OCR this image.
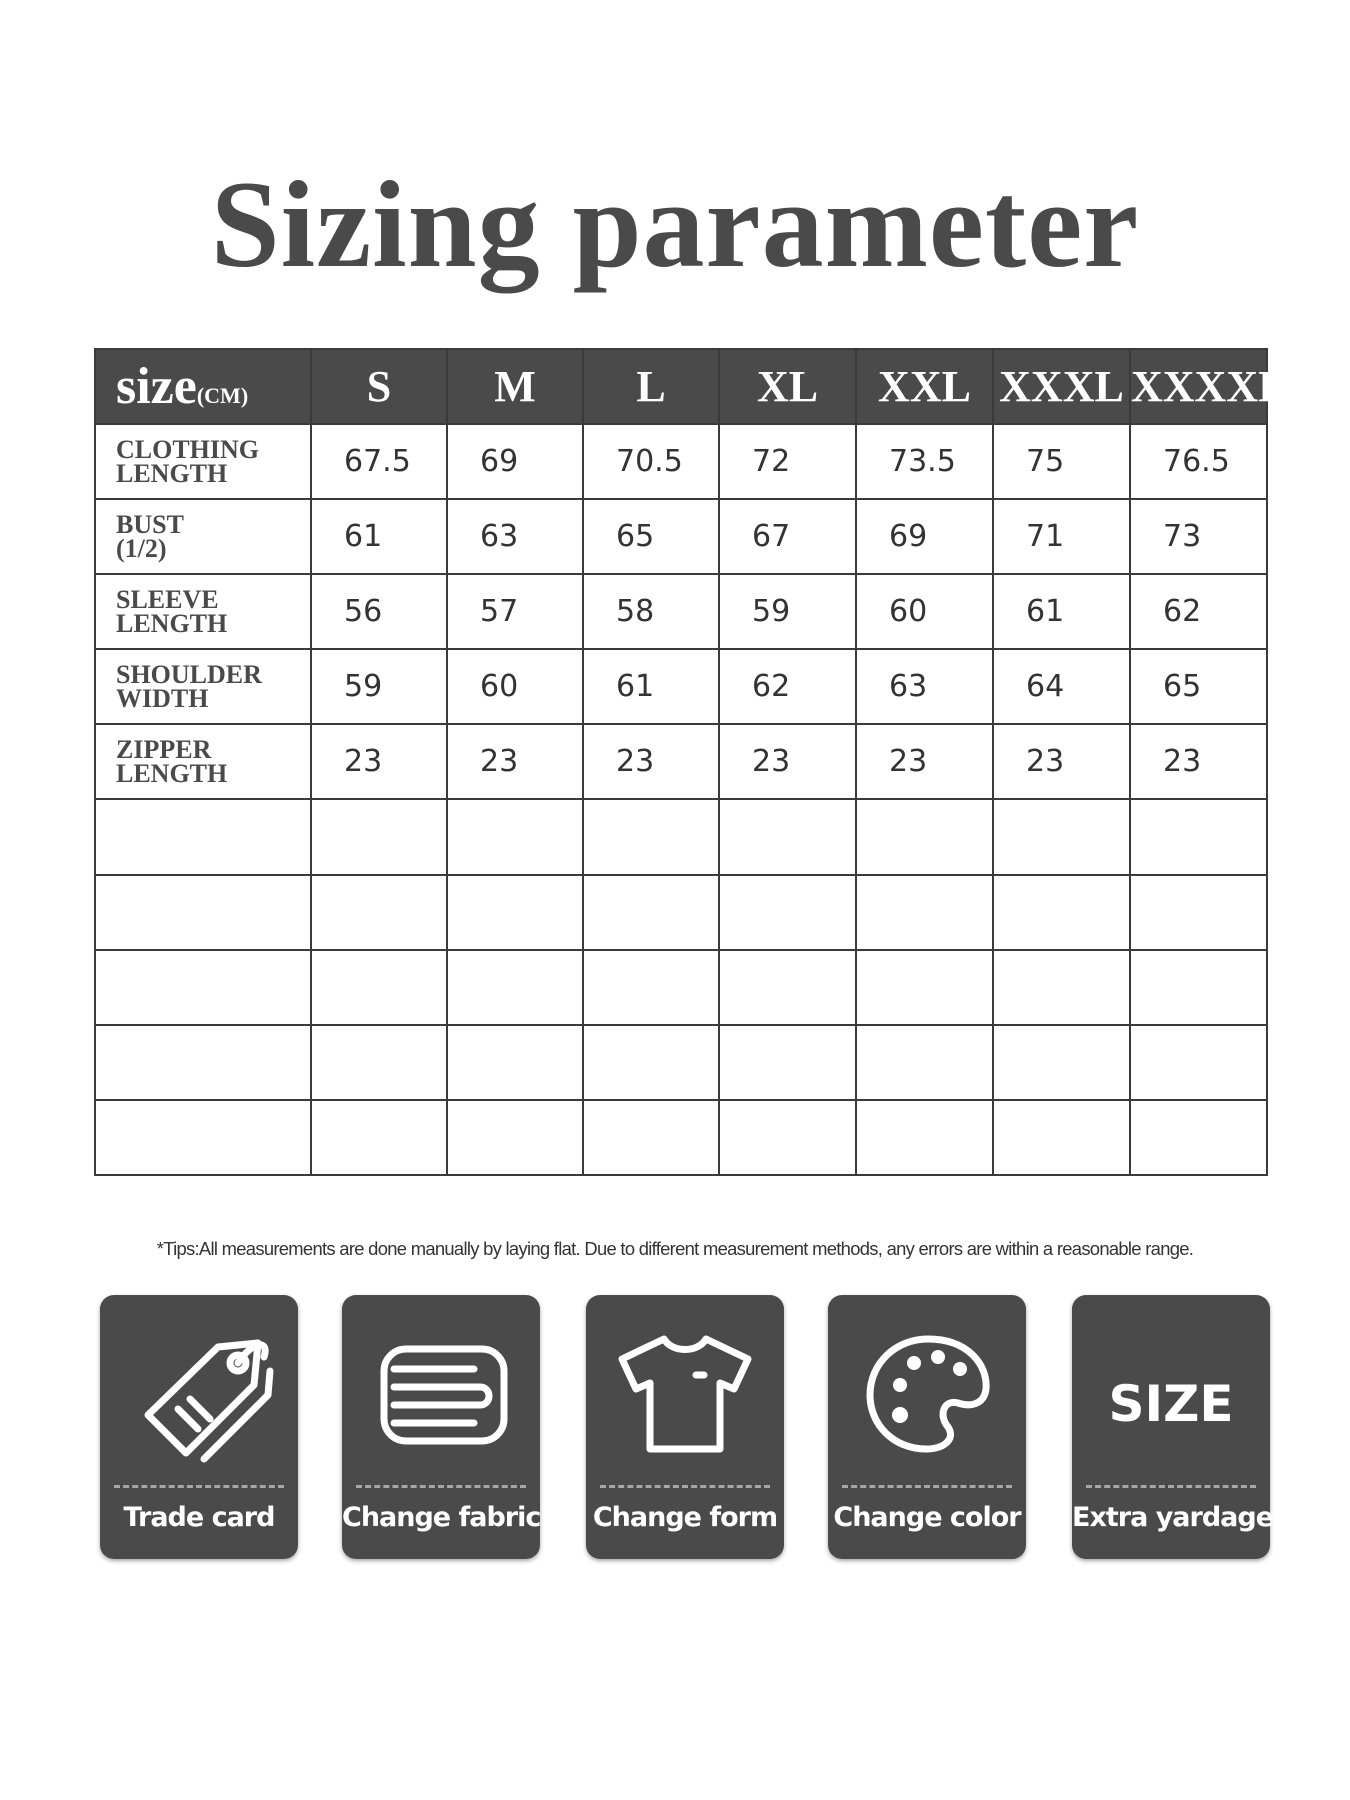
Sizing parameter
size(CM)	S	M	L	XL	XXL	XXXL	XXXXL
CLOTHING
LENGTH	67.5	69	70.5	72	73.5	75	76.5
BUST
(1/2)	61	63	65	67	69	71	73
SLEEVE
LENGTH	56	57	58	59	60	61	62
SHOULDER
WIDTH	59	60	61	62	63	64	65
ZIPPER
LENGTH	23	23	23	23	23	23	23

*Tips:All measurements are done manually by laying flat. Due to different measurement methods, any errors are within a reasonable range.
Trade card	Change fabric Change form Change color
SIZE
Extra yardage
